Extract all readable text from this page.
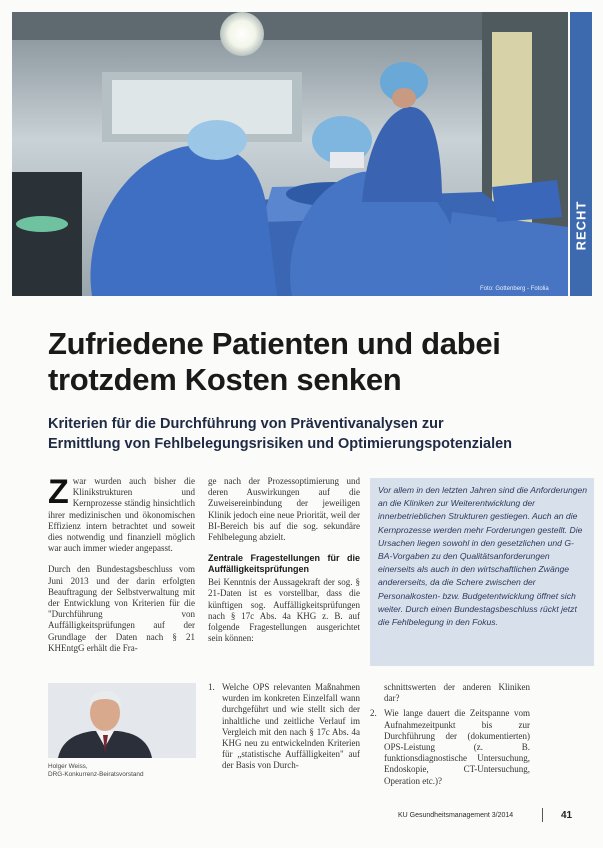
Foto: Gottenberg - Fotolia
RECHT
Zufriedene Patienten und dabei
trotzdem Kosten senken
Kriterien für die Durchführung von Präventivanalysen zur
Ermittlung von Fehlbelegungsrisiken und Optimierungspotenzialen

Zwar wurden auch bisher die Klinikstrukturen und Kernprozesse ständig hinsichtlich ihrer medizinischen und ökonomischen Effizienz intern betrachtet und soweit dies notwendig und finanziell möglich war auch immer wieder angepasst.

Durch den Bundestagsbeschluss vom Juni 2013 und der darin erfolgten Beauftragung der Selbstverwaltung mit der Entwicklung von Kriterien für die "Durchführung von Auffälligkeitsprüfungen auf der Grundlage der Daten nach § 21 KHEntgG erhält die Fra-

ge nach der Prozessoptimierung und deren Auswirkungen auf die Zuweisereinbindung der jeweiligen Klinik jedoch eine neue Priorität, weil der BI-Bereich bis auf die sog. sekundäre Fehlbelegung abzielt.

Zentrale Fragestellungen für die Auffälligkeitsprüfungen

Bei Kenntnis der Aussagekraft der sog. § 21-Daten ist es vorstellbar, dass die künftigen sog. Auffälligkeitsprüfungen nach § 17c Abs. 4a KHG z. B. auf folgende Fragestellungen ausgerichtet sein können:

Vor allem in den letzten Jahren sind die Anforderungen an die Kliniken zur Weiterentwicklung der innerbetrieblichen Strukturen gestiegen. Auch an die Kernprozesse werden mehr Forderungen gestellt. Die Ursachen liegen sowohl in den gesetzlichen und G-BA-Vorgaben zu den Qualitätsanforderungen einerseits als auch in den wirtschaftlichen Zwänge andererseits, da die Schere zwischen der Personalkosten- bzw. Budgetentwicklung öffnet sich weiter. Durch einen Bundestagsbeschluss rückt jetzt die Fehlbelegung in den Fokus.
Holger Weiss,
DRG-Konkurrenz-Beiratsvorstand
1. Welche OPS relevanten Maßnahmen wurden im konkreten Einzelfall wann durchgeführt und wie stellt sich der inhaltliche und zeitliche Verlauf im Vergleich mit den nach § 17c Abs. 4a KHG neu zu entwickelnden Kriterien für „statistische Auffälligkeiten" auf der Basis von Durch-
schnittswerten der anderen Kliniken dar?
2. Wie lange dauert die Zeitspanne vom Aufnahmezeitpunkt bis zur Durchführung der (dokumentierten) OPS-Leistung (z. B. funktionsdiagnostische Untersuchung, Endoskopie, CT-Untersuchung, Operation etc.)?
KU Gesundheitsmanagement 3/2014	41
